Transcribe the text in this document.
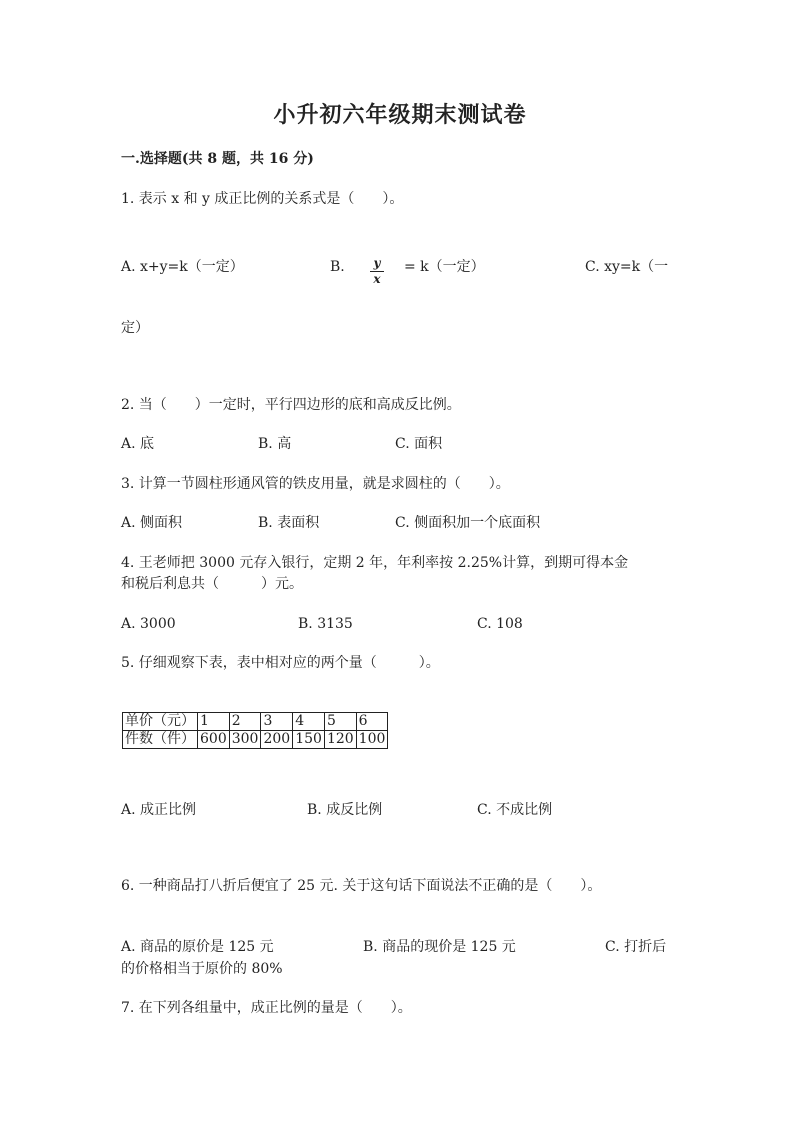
小升初六年级期末测试卷
一.选择题(共 8 题，共 16 分)
1. 表示 x 和 y 成正比例的关系式是（　　）。
A. x+y=k（一定）	B.	y
x
= k（一定）	C. xy=k（一
定）
2. 当（　　）一定时，平行四边形的底和高成反比例。
A. 底	B. 高	C. 面积
3. 计算一节圆柱形通风管的铁皮用量，就是求圆柱的（　　）。
A. 侧面积	B. 表面积	C. 侧面积加一个底面积
4. 王老师把 3000 元存入银行，定期 2 年，年利率按 2.25%计算，到期可得本金
和税后利息共（　　　）元。
A. 3000	B. 3135	C. 108
5. 仔细观察下表，表中相对应的两个量（　　　）。
单价（元）	1	2	3	4	5	6
件数（件）	600	300	200	150	120	100
A. 成正比例	B. 成反比例	C. 不成比例
6. 一种商品打八折后便宜了 25 元. 关于这句话下面说法不正确的是（　　）。
A. 商品的原价是 125 元	B. 商品的现价是 125 元	C. 打折后
的价格相当于原价的 80%
7. 在下列各组量中，成正比例的量是（　　）。
